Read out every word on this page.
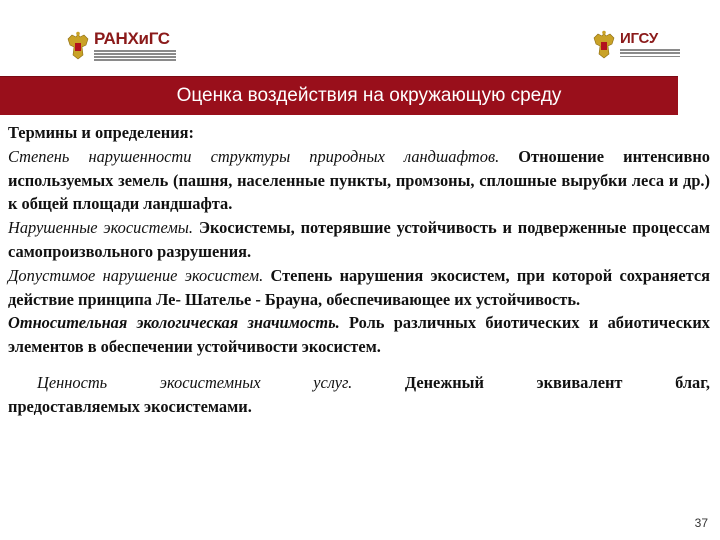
РАНХиГС	ИГСУ
Оценка воздействия на окружающую среду

Термины и определения:

Степень нарушенности структуры природных ландшафтов. Отношение интенсивно используемых земель (пашня, населенные пункты, промзоны, сплошные вырубки леса и др.) к общей площади ландшафта.

Нарушенные экосистемы. Экосистемы, потерявшие устойчивость и подверженные процессам самопроизвольного разрушения.

Допустимое нарушение экосистем. Степень нарушения экосистем, при которой сохраняется действие принципа Ле- Шателье - Брауна, обеспечивающее их устойчивость.

Относительная экологическая значимость. Роль различных биотических и абиотических элементов в обеспечении устойчивости экосистем.

Ценность	экосистемных	услуг.	Денежный	эквивалент	благ,
предоставляемых экосистемами.

37
